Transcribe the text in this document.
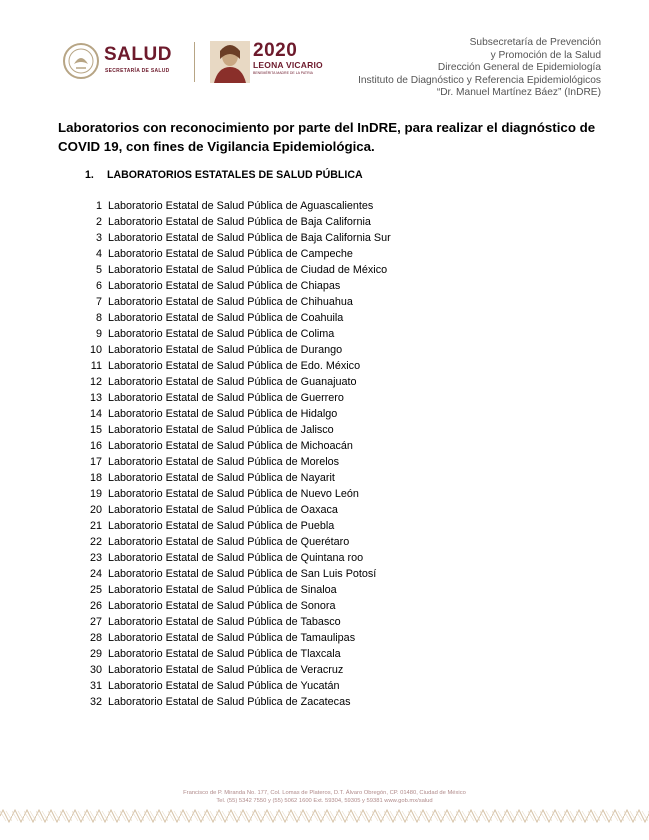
SALUD
SECRETARÍA DE SALUD
2020
LEONA VICARIO
BENEMÉRITA MADRE DE LA PATRIA
Subsecretaría de Prevención
y Promoción de la Salud
Dirección General de Epidemiología
Instituto de Diagnóstico y Referencia Epidemiológicos
“Dr. Manuel Martínez Báez” (InDRE)
Laboratorios con reconocimiento por parte del InDRE, para realizar el diagnóstico de COVID 19, con fines de Vigilancia Epidemiológica.
1. LABORATORIOS ESTATALES DE SALUD PÚBLICA
1 Laboratorio Estatal de Salud Pública de Aguascalientes
2 Laboratorio Estatal de Salud Pública de Baja California
3 Laboratorio Estatal de Salud Pública de Baja California Sur
4 Laboratorio Estatal de Salud Pública de Campeche
5 Laboratorio Estatal de Salud Pública de Ciudad de México
6 Laboratorio Estatal de Salud Pública de Chiapas
7 Laboratorio Estatal de Salud Pública de Chihuahua
8 Laboratorio Estatal de Salud Pública de Coahuila
9 Laboratorio Estatal de Salud Pública de Colima
10 Laboratorio Estatal de Salud Pública de Durango
11 Laboratorio Estatal de Salud Pública de Edo. México
12 Laboratorio Estatal de Salud Pública de Guanajuato
13 Laboratorio Estatal de Salud Pública de Guerrero
14 Laboratorio Estatal de Salud Pública de Hidalgo
15 Laboratorio Estatal de Salud Pública de Jalisco
16 Laboratorio Estatal de Salud Pública de Michoacán
17 Laboratorio Estatal de Salud Pública de Morelos
18 Laboratorio Estatal de Salud Pública de Nayarit
19 Laboratorio Estatal de Salud Pública de Nuevo León
20 Laboratorio Estatal de Salud Pública de Oaxaca
21 Laboratorio Estatal de Salud Pública de Puebla
22 Laboratorio Estatal de Salud Pública de Querétaro
23 Laboratorio Estatal de Salud Pública de Quintana roo
24 Laboratorio Estatal de Salud Pública de San Luis Potosí
25 Laboratorio Estatal de Salud Pública de Sinaloa
26 Laboratorio Estatal de Salud Pública de Sonora
27 Laboratorio Estatal de Salud Pública de Tabasco
28 Laboratorio Estatal de Salud Pública de Tamaulipas
29 Laboratorio Estatal de Salud Pública de Tlaxcala
30 Laboratorio Estatal de Salud Pública de Veracruz
31 Laboratorio Estatal de Salud Pública de Yucatán
32 Laboratorio Estatal de Salud Pública de Zacatecas
Francisco de P. Miranda No. 177, Col. Lomas de Plateros, D.T. Álvaro Obregón, CP. 01480, Ciudad de México
Tel. (55) 5342 7550 y (55) 5062 1600 Ext. 59304, 59305 y 59381 www.gob.mx/salud
